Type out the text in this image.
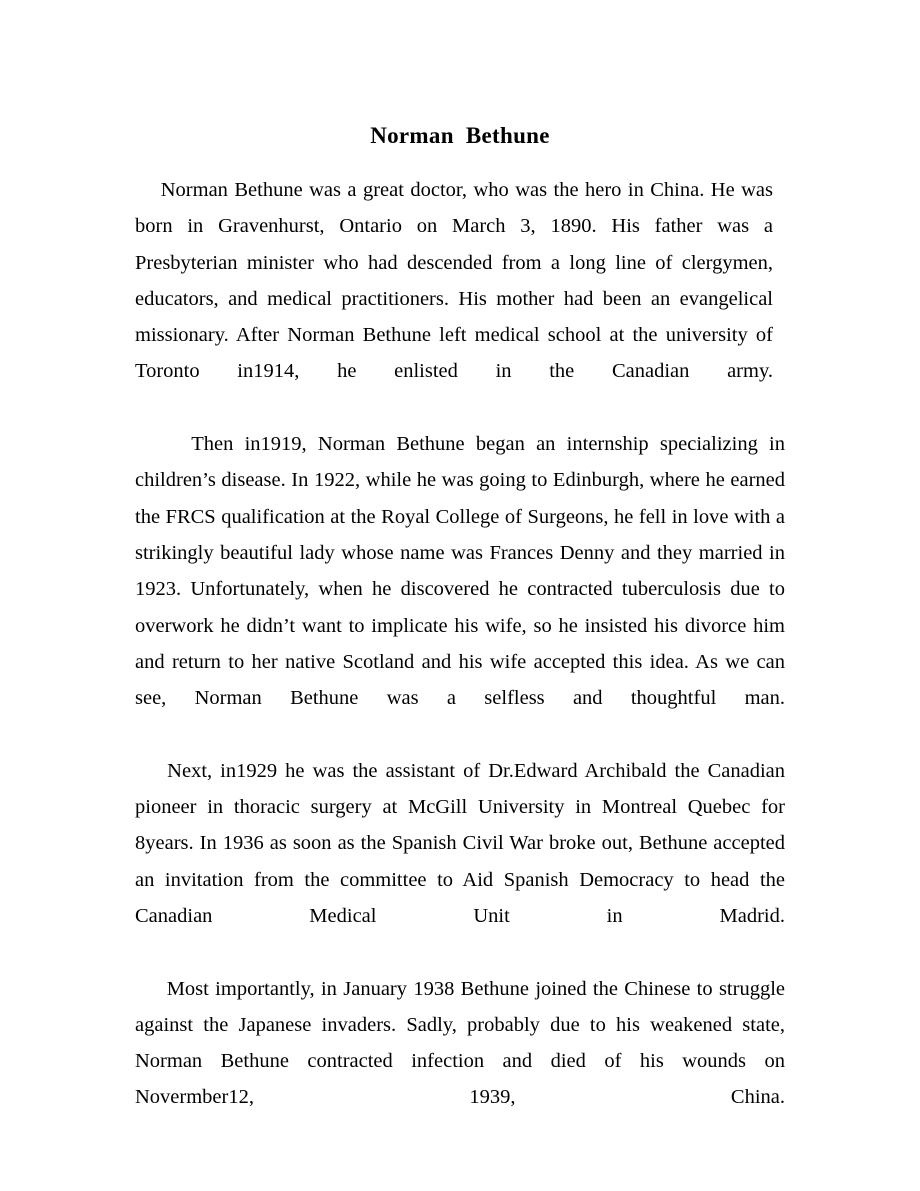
Norman  Bethune

Norman Bethune was a great doctor, who was the hero in China. He was born in Gravenhurst, Ontario on March 3, 1890. His father was a Presbyterian minister who had descended from a long line of clergymen, educators, and medical practitioners. His mother had been an evangelical missionary. After Norman Bethune left medical school at the university of Toronto in1914, he enlisted in the Canadian army.

Then in1919, Norman Bethune began an internship specializing in children’s disease. In 1922, while he was going to Edinburgh, where he earned the FRCS qualification at the Royal College of Surgeons, he fell in love with a strikingly beautiful lady whose name was Frances Denny and they married in 1923. Unfortunately, when he discovered he contracted tuberculosis due to overwork he didn’t want to implicate his wife, so he insisted his divorce him and return to her native Scotland and his wife accepted this idea. As we can see, Norman Bethune was a selfless and thoughtful man.

Next, in1929 he was the assistant of Dr.Edward Archibald the Canadian pioneer in thoracic surgery at McGill University in Montreal Quebec for 8years. In 1936 as soon as the Spanish Civil War broke out, Bethune accepted an invitation from the committee to Aid Spanish Democracy to head the Canadian Medical Unit in Madrid.

Most importantly, in January 1938 Bethune joined the Chinese to struggle against the Japanese invaders. Sadly, probably due to his weakened state, Norman Bethune contracted infection and died of his wounds on Novermber12, 1939, China.
